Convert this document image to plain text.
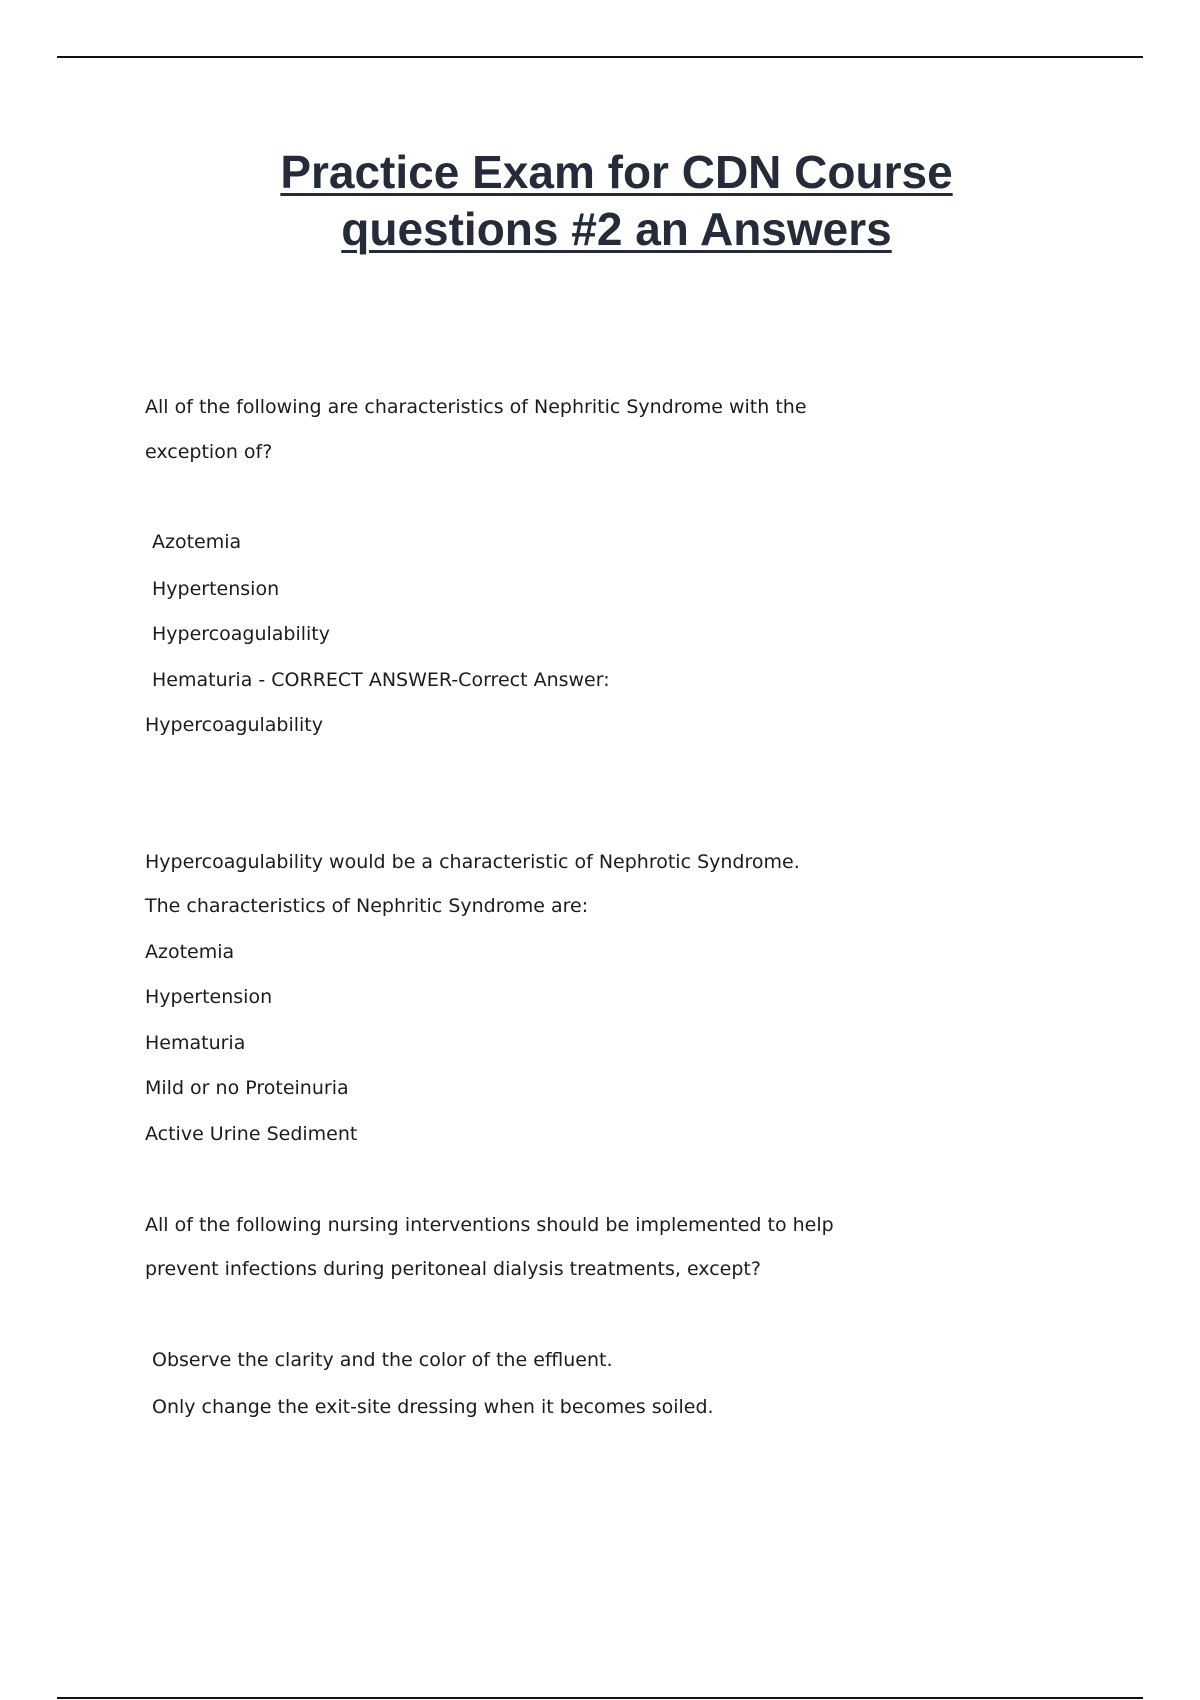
Practice Exam for CDN Course
questions #2 an Answers
All of the following are characteristics of Nephritic Syndrome with the
exception of?
Azotemia
Hypertension
Hypercoagulability
Hematuria - CORRECT ANSWER-Correct Answer:
Hypercoagulability
Hypercoagulability would be a characteristic of Nephrotic Syndrome.
The characteristics of Nephritic Syndrome are:
Azotemia
Hypertension
Hematuria
Mild or no Proteinuria
Active Urine Sediment
All of the following nursing interventions should be implemented to help
prevent infections during peritoneal dialysis treatments, except?
Observe the clarity and the color of the effluent.
Only change the exit-site dressing when it becomes soiled.
